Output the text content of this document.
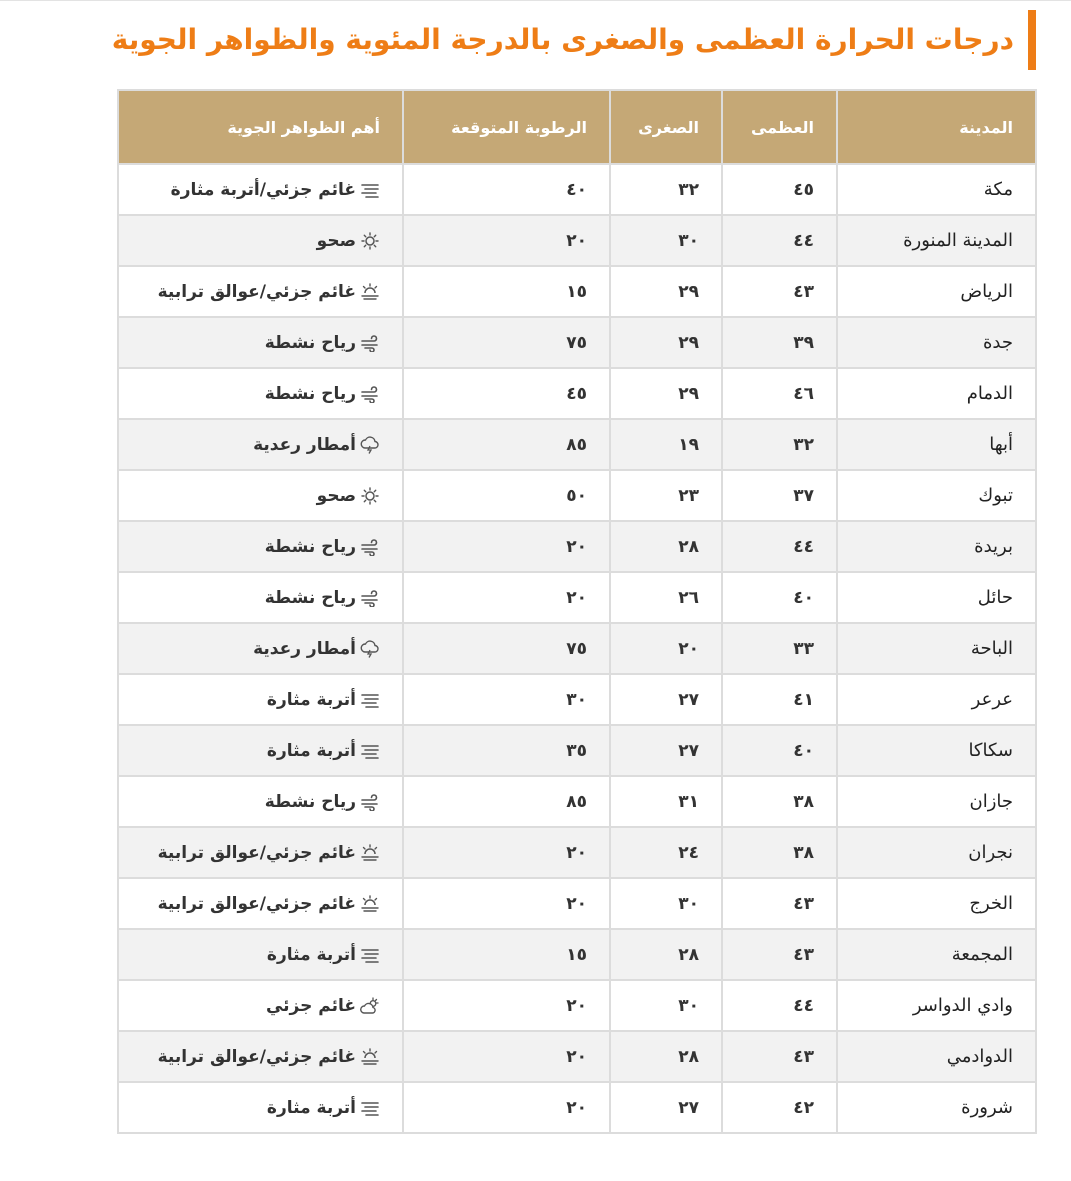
درجات الحرارة العظمى والصغرى بالدرجة المئوية والظواهر الجوية
المدينة	العظمى	الصغرى	الرطوبة المتوقعة	أهم الظواهر الجوية
مكة	٤٥	٣٢	٤٠	غائم جزئي/أتربة مثارة
المدينة المنورة	٤٤	٣٠	٢٠	صحو
الرياض	٤٣	٢٩	١٥	غائم جزئي/عوالق ترابية
جدة	٣٩	٢٩	٧٥	رياح نشطة
الدمام	٤٦	٢٩	٤٥	رياح نشطة
أبها	٣٢	١٩	٨٥	أمطار رعدية
تبوك	٣٧	٢٣	٥٠	صحو
بريدة	٤٤	٢٨	٢٠	رياح نشطة
حائل	٤٠	٢٦	٢٠	رياح نشطة
الباحة	٣٣	٢٠	٧٥	أمطار رعدية
عرعر	٤١	٢٧	٣٠	أتربة مثارة
سكاكا	٤٠	٢٧	٣٥	أتربة مثارة
جازان	٣٨	٣١	٨٥	رياح نشطة
نجران	٣٨	٢٤	٢٠	غائم جزئي/عوالق ترابية
الخرج	٤٣	٣٠	٢٠	غائم جزئي/عوالق ترابية
المجمعة	٤٣	٢٨	١٥	أتربة مثارة
وادي الدواسر	٤٤	٣٠	٢٠	غائم جزئي
الدوادمي	٤٣	٢٨	٢٠	غائم جزئي/عوالق ترابية
شرورة	٤٢	٢٧	٢٠	أتربة مثارة
